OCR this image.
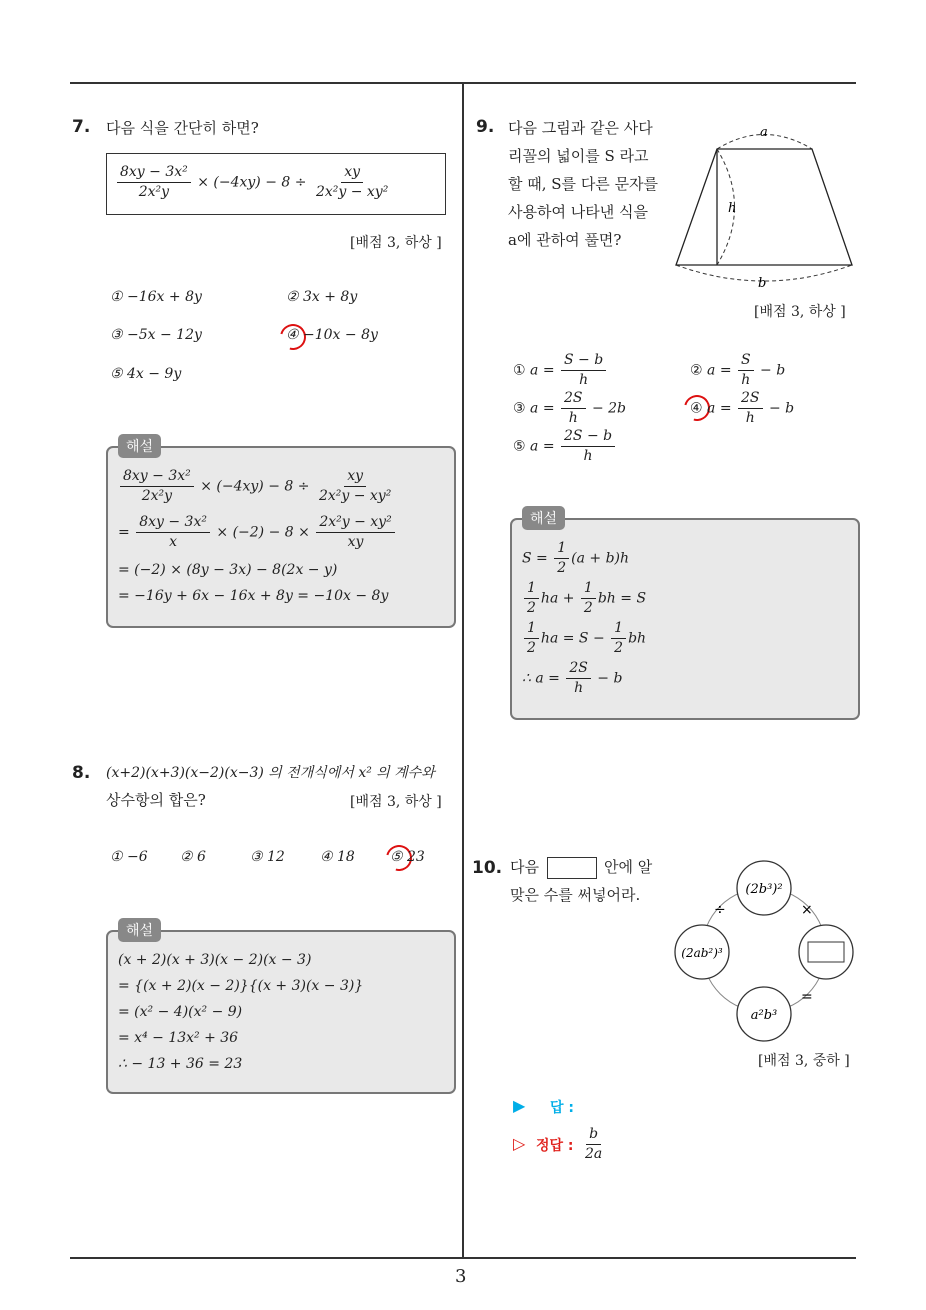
3
7. 다음 식을 간단히 하면?
$\frac{\text{8xy − 3x²}}{\text{2x²y}} \times (-4xy) - 8 \div \frac{xy}{\text{2x²y − xy²}}$
[배점 3, 하상 ]
① −16x + 8y	② 3x + 8y
③ −5x − 12y	④ −10x − 8y
⑤ 4x − 9y
$\frac{\text{8xy − 3x²}}{\text{2x²y}} \times (-4xy) - 8 \div \frac{xy}{\text{2x²y − xy²}}$
= $\frac{\text{8xy − 3x²}}{x} \times (-2) - 8 \times \frac{\text{2x²y − xy²}}{xy}$
= (−2) × (8y − 3x) − 8(2x − y)
= −16y + 6x − 16x + 8y = −10x − 8y
해설
8. (x+2)(x+3)(x−2)(x−3) 의 전개식에서 x² 의 계수와
상수항의 합은?	[배점 3, 하상 ]
① −6 ② 6	③ 12	④ 18	⑤ 23
(x + 2)(x + 3)(x − 2)(x − 3)
= {(x + 2)(x − 2)}{(x + 3)(x − 3)}
= (x² − 4)(x² − 9)
= x⁴ − 13x² + 36
∴ − 13 + 36 = 23
해설
9. 다음 그림과 같은 사다
리꼴의 넓이를 S 라고
할 때, S를 다른 문자를
사용하여 나타낸 식을
a에 관하여 풀면?
a
h
b
[배점 3, 하상 ]
① $a = \frac{S - b}{h}$	② $a = \frac{S}{h} - b$
③ $a = \frac{2S}{h} - 2b$	④ $a = \frac{2S}{h} - b$
⑤ $a = \frac{2S - b}{h}$
$S = \frac{1}{2} (a + b)h$
$\frac{1}{2}$ ha + $\frac{1}{2}$ bh = S
$\frac{1}{2}$ ha = $S - \frac{1}{2}$ bh
∴ $a = \frac{2S}{h} - b$
해설
10. 다음	안에 알
맞은 수를 써넣어라.	(2b³)²
(2ab²)³
a²b³
÷	×
=
[배점 3, 중하 ]
▶ 답 :
▷ 정답 : $\frac{b}{2a}$
